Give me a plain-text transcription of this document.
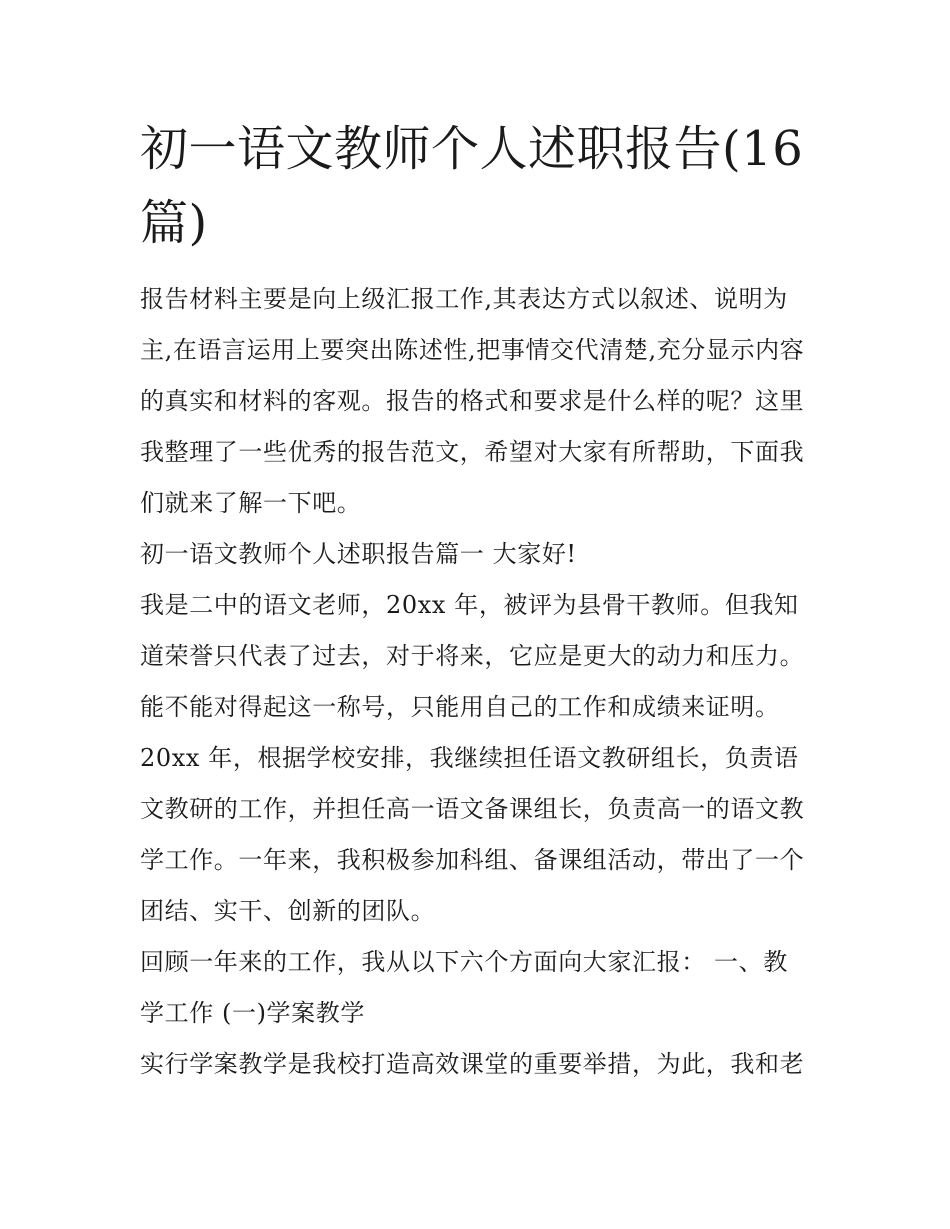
初一语文教师个人述职报告(16
篇)

报告材料主要是向上级汇报工作,其表达方式以叙述、说明为
主,在语言运用上要突出陈述性,把事情交代清楚,充分显示内容
的真实和材料的客观。报告的格式和要求是什么样的呢？这里
我整理了一些优秀的报告范文，希望对大家有所帮助，下面我
们就来了解一下吧。

初一语文教师个人述职报告篇一 大家好!

我是二中的语文老师，20xx 年，被评为县骨干教师。但我知
道荣誉只代表了过去，对于将来，它应是更大的动力和压力。
能不能对得起这一称号，只能用自己的工作和成绩来证明。

20xx 年，根据学校安排，我继续担任语文教研组长，负责语
文教研的工作，并担任高一语文备课组长，负责高一的语文教
学工作。一年来，我积极参加科组、备课组活动，带出了一个
团结、实干、创新的团队。

回顾一年来的工作，我从以下六个方面向大家汇报： 一、教
学工作 (一)学案教学

实行学案教学是我校打造高效课堂的重要举措，为此，我和老
